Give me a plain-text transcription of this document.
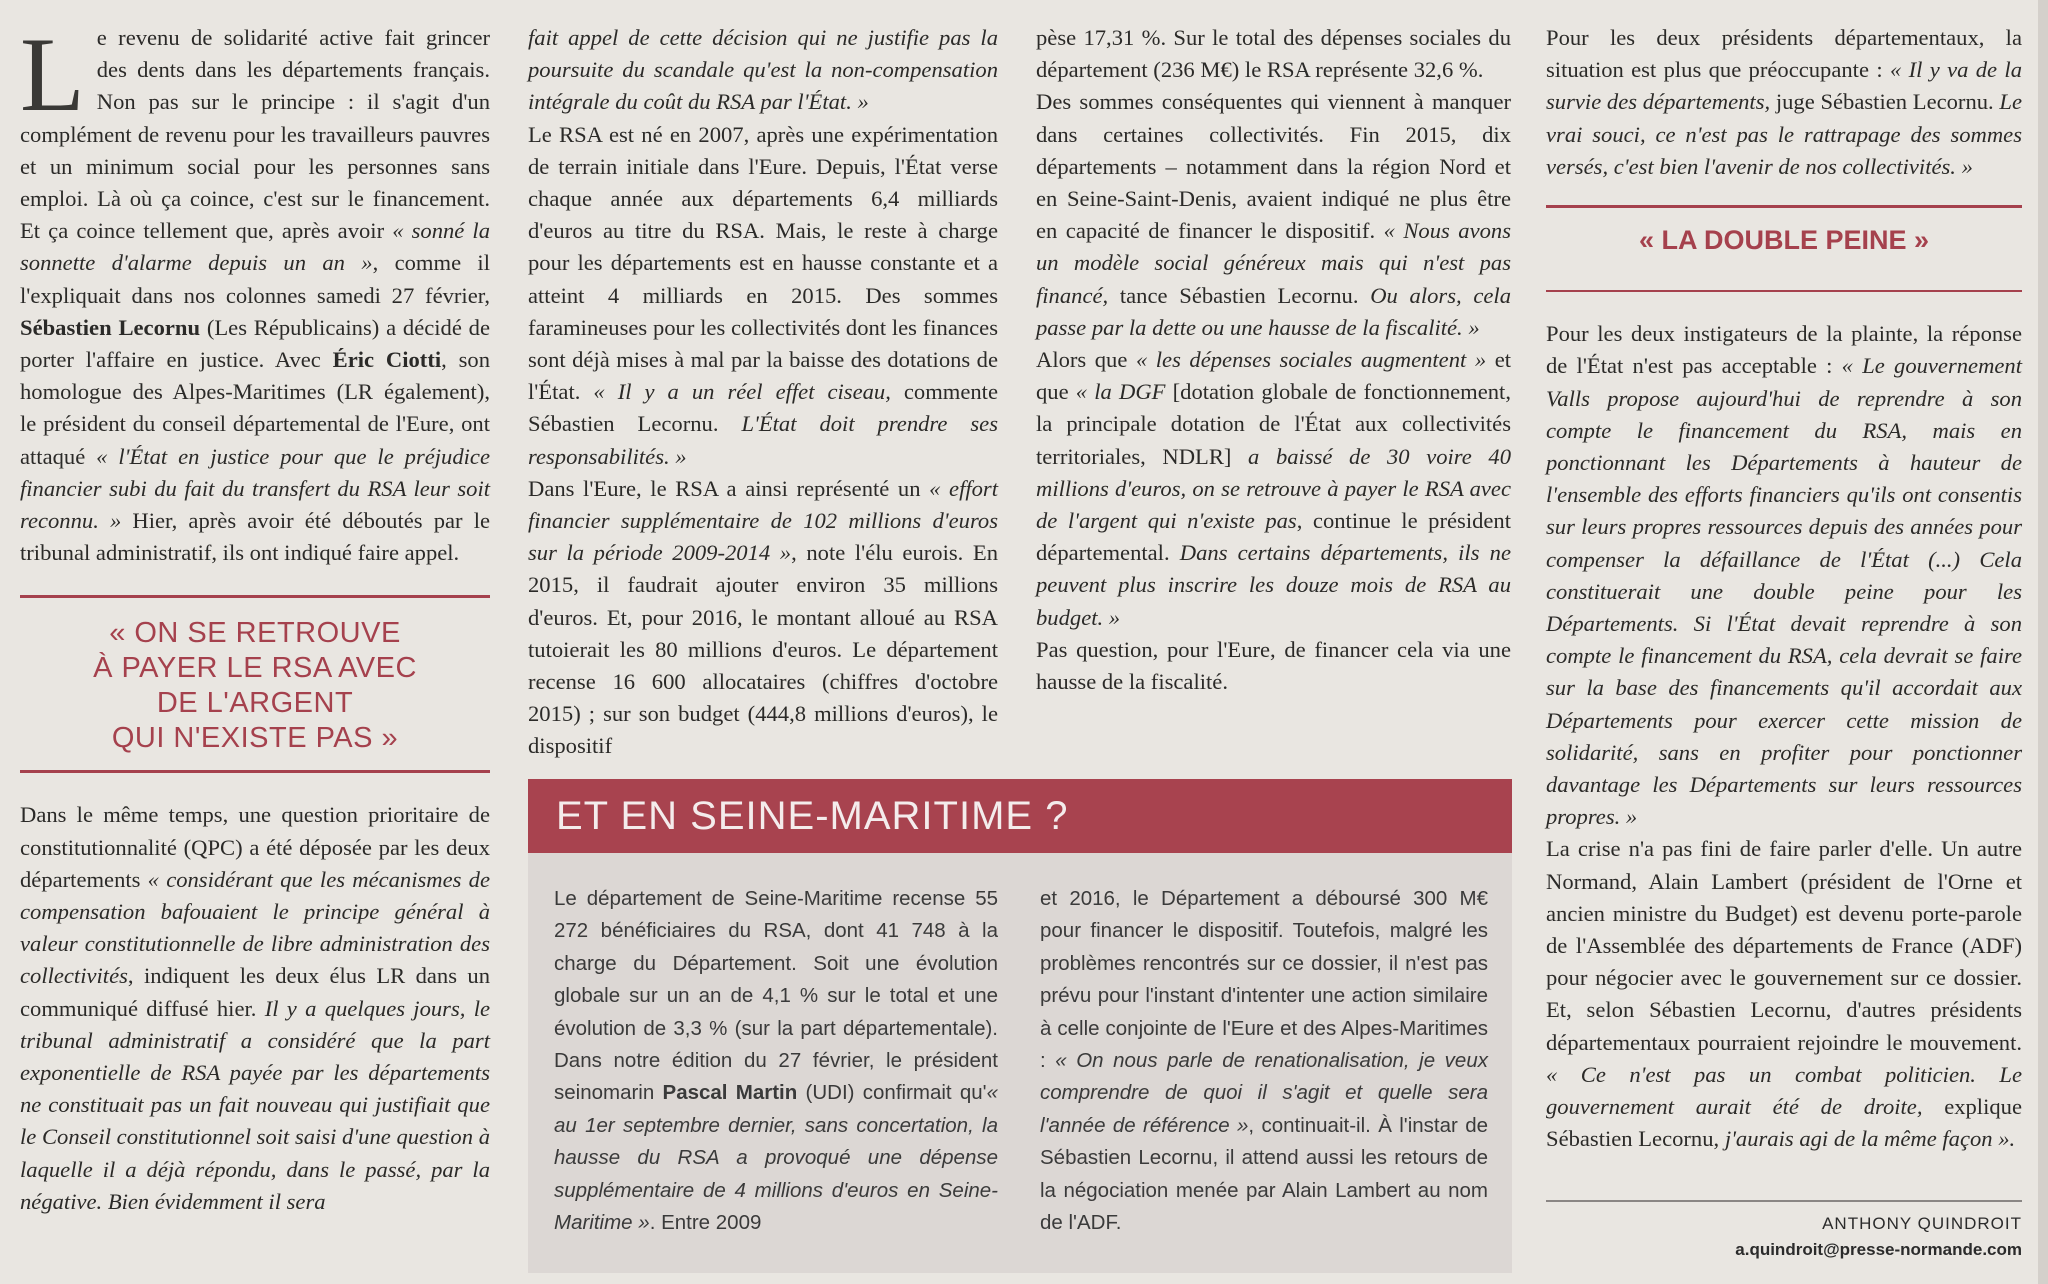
Le revenu de solidarité active fait grincer des dents dans les départements français. Non pas sur le principe : il s'agit d'un complément de revenu pour les travailleurs pauvres et un minimum social pour les personnes sans emploi. Là où ça coince, c'est sur le financement. Et ça coince tellement que, après avoir « sonné la sonnette d'alarme depuis un an », comme il l'expliquait dans nos colonnes samedi 27 février, Sébastien Lecornu (Les Républicains) a décidé de porter l'affaire en justice. Avec Éric Ciotti, son homologue des Alpes-Maritimes (LR également), le président du conseil départemental de l'Eure, ont attaqué « l'État en justice pour que le préjudice financier subi du fait du transfert du RSA leur soit reconnu. » Hier, après avoir été déboutés par le tribunal administratif, ils ont indiqué faire appel.

« ON SE RETROUVE

À PAYER LE RSA AVEC

DE L'ARGENT

QUI N'EXISTE PAS »

Dans le même temps, une question prioritaire de constitutionnalité (QPC) a été déposée par les deux départements « considérant que les mécanismes de compensation bafouaient le principe général à valeur constitutionnelle de libre administration des collectivités, indiquent les deux élus LR dans un communiqué diffusé hier. Il y a quelques jours, le tribunal administratif a considéré que la part exponentielle de RSA payée par les départements ne constituait pas un fait nouveau qui justifiait que le Conseil constitutionnel soit saisi d'une question à laquelle il a déjà répondu, dans le passé, par la négative. Bien évidemment il sera

fait appel de cette décision qui ne justifie pas la poursuite du scandale qu'est la non-compensation intégrale du coût du RSA par l'État. »

Le RSA est né en 2007, après une expérimentation de terrain initiale dans l'Eure. Depuis, l'État verse chaque année aux départements 6,4 milliards d'euros au titre du RSA. Mais, le reste à charge pour les départements est en hausse constante et a atteint 4 milliards en 2015. Des sommes faramineuses pour les collectivités dont les finances sont déjà mises à mal par la baisse des dotations de l'État. « Il y a un réel effet ciseau, commente Sébastien Lecornu. L'État doit prendre ses responsabilités. »

Dans l'Eure, le RSA a ainsi représenté un « effort financier supplémentaire de 102 millions d'euros sur la période 2009-2014 », note l'élu eurois. En 2015, il faudrait ajouter environ 35 millions d'euros. Et, pour 2016, le montant alloué au RSA tutoierait les 80 millions d'euros. Le département recense 16 600 allocataires (chiffres d'octobre 2015) ; sur son budget (444,8 millions d'euros), le dispositif

pèse 17,31 %. Sur le total des dépenses sociales du département (236 M€) le RSA représente 32,6 %.

Des sommes conséquentes qui viennent à manquer dans certaines collectivités. Fin 2015, dix départements – notamment dans la région Nord et en Seine-Saint-Denis, avaient indiqué ne plus être en capacité de financer le dispositif. « Nous avons un modèle social généreux mais qui n'est pas financé, tance Sébastien Lecornu. Ou alors, cela passe par la dette ou une hausse de la fiscalité. »

Alors que « les dépenses sociales augmentent » et que « la DGF [dotation globale de fonctionnement, la principale dotation de l'État aux collectivités territoriales, NDLR] a baissé de 30 voire 40 millions d'euros, on se retrouve à payer le RSA avec de l'argent qui n'existe pas, continue le président départemental. Dans certains départements, ils ne peuvent plus inscrire les douze mois de RSA au budget. »

Pas question, pour l'Eure, de financer cela via une hausse de la fiscalité.

Pour les deux présidents départementaux, la situation est plus que préoccupante : « Il y va de la survie des départements, juge Sébastien Lecornu. Le vrai souci, ce n'est pas le rattrapage des sommes versés, c'est bien l'avenir de nos collectivités. »

« LA DOUBLE PEINE »

Pour les deux instigateurs de la plainte, la réponse de l'État n'est pas acceptable : « Le gouvernement Valls propose aujourd'hui de reprendre à son compte le financement du RSA, mais en ponctionnant les Départements à hauteur de l'ensemble des efforts financiers qu'ils ont consentis sur leurs propres ressources depuis des années pour compenser la défaillance de l'État (...) Cela constituerait une double peine pour les Départements. Si l'État devait reprendre à son compte le financement du RSA, cela devrait se faire sur la base des financements qu'il accordait aux Départements pour exercer cette mission de solidarité, sans en profiter pour ponctionner davantage les Départements sur leurs ressources propres. »

La crise n'a pas fini de faire parler d'elle. Un autre Normand, Alain Lambert (président de l'Orne et ancien ministre du Budget) est devenu porte-parole de l'Assemblée des départements de France (ADF) pour négocier avec le gouvernement sur ce dossier. Et, selon Sébastien Lecornu, d'autres présidents départementaux pourraient rejoindre le mouvement. « Ce n'est pas un combat politicien. Le gouvernement aurait été de droite, explique Sébastien Lecornu, j'aurais agi de la même façon ».

ET EN SEINE-MARITIME ?

Le département de Seine-Maritime recense 55 272 bénéficiaires du RSA, dont 41 748 à la charge du Département. Soit une évolution globale sur un an de 4,1 % sur le total et une évolution de 3,3 % (sur la part départementale). Dans notre édition du 27 février, le président seinomarin Pascal Martin (UDI) confirmait qu'« au 1er septembre dernier, sans concertation, la hausse du RSA a provoqué une dépense supplémentaire de 4 millions d'euros en Seine-Maritime ». Entre 2009

et 2016, le Département a déboursé 300 M€ pour financer le dispositif. Toutefois, malgré les problèmes rencontrés sur ce dossier, il n'est pas prévu pour l'instant d'intenter une action similaire à celle conjointe de l'Eure et des Alpes-Maritimes : « On nous parle de renationalisation, je veux comprendre de quoi il s'agit et quelle sera l'année de référence », continuait-il. À l'instar de Sébastien Lecornu, il attend aussi les retours de la négociation menée par Alain Lambert au nom de l'ADF.	ANTHONY QUINDROIT
a.quindroit@presse-normande.com
